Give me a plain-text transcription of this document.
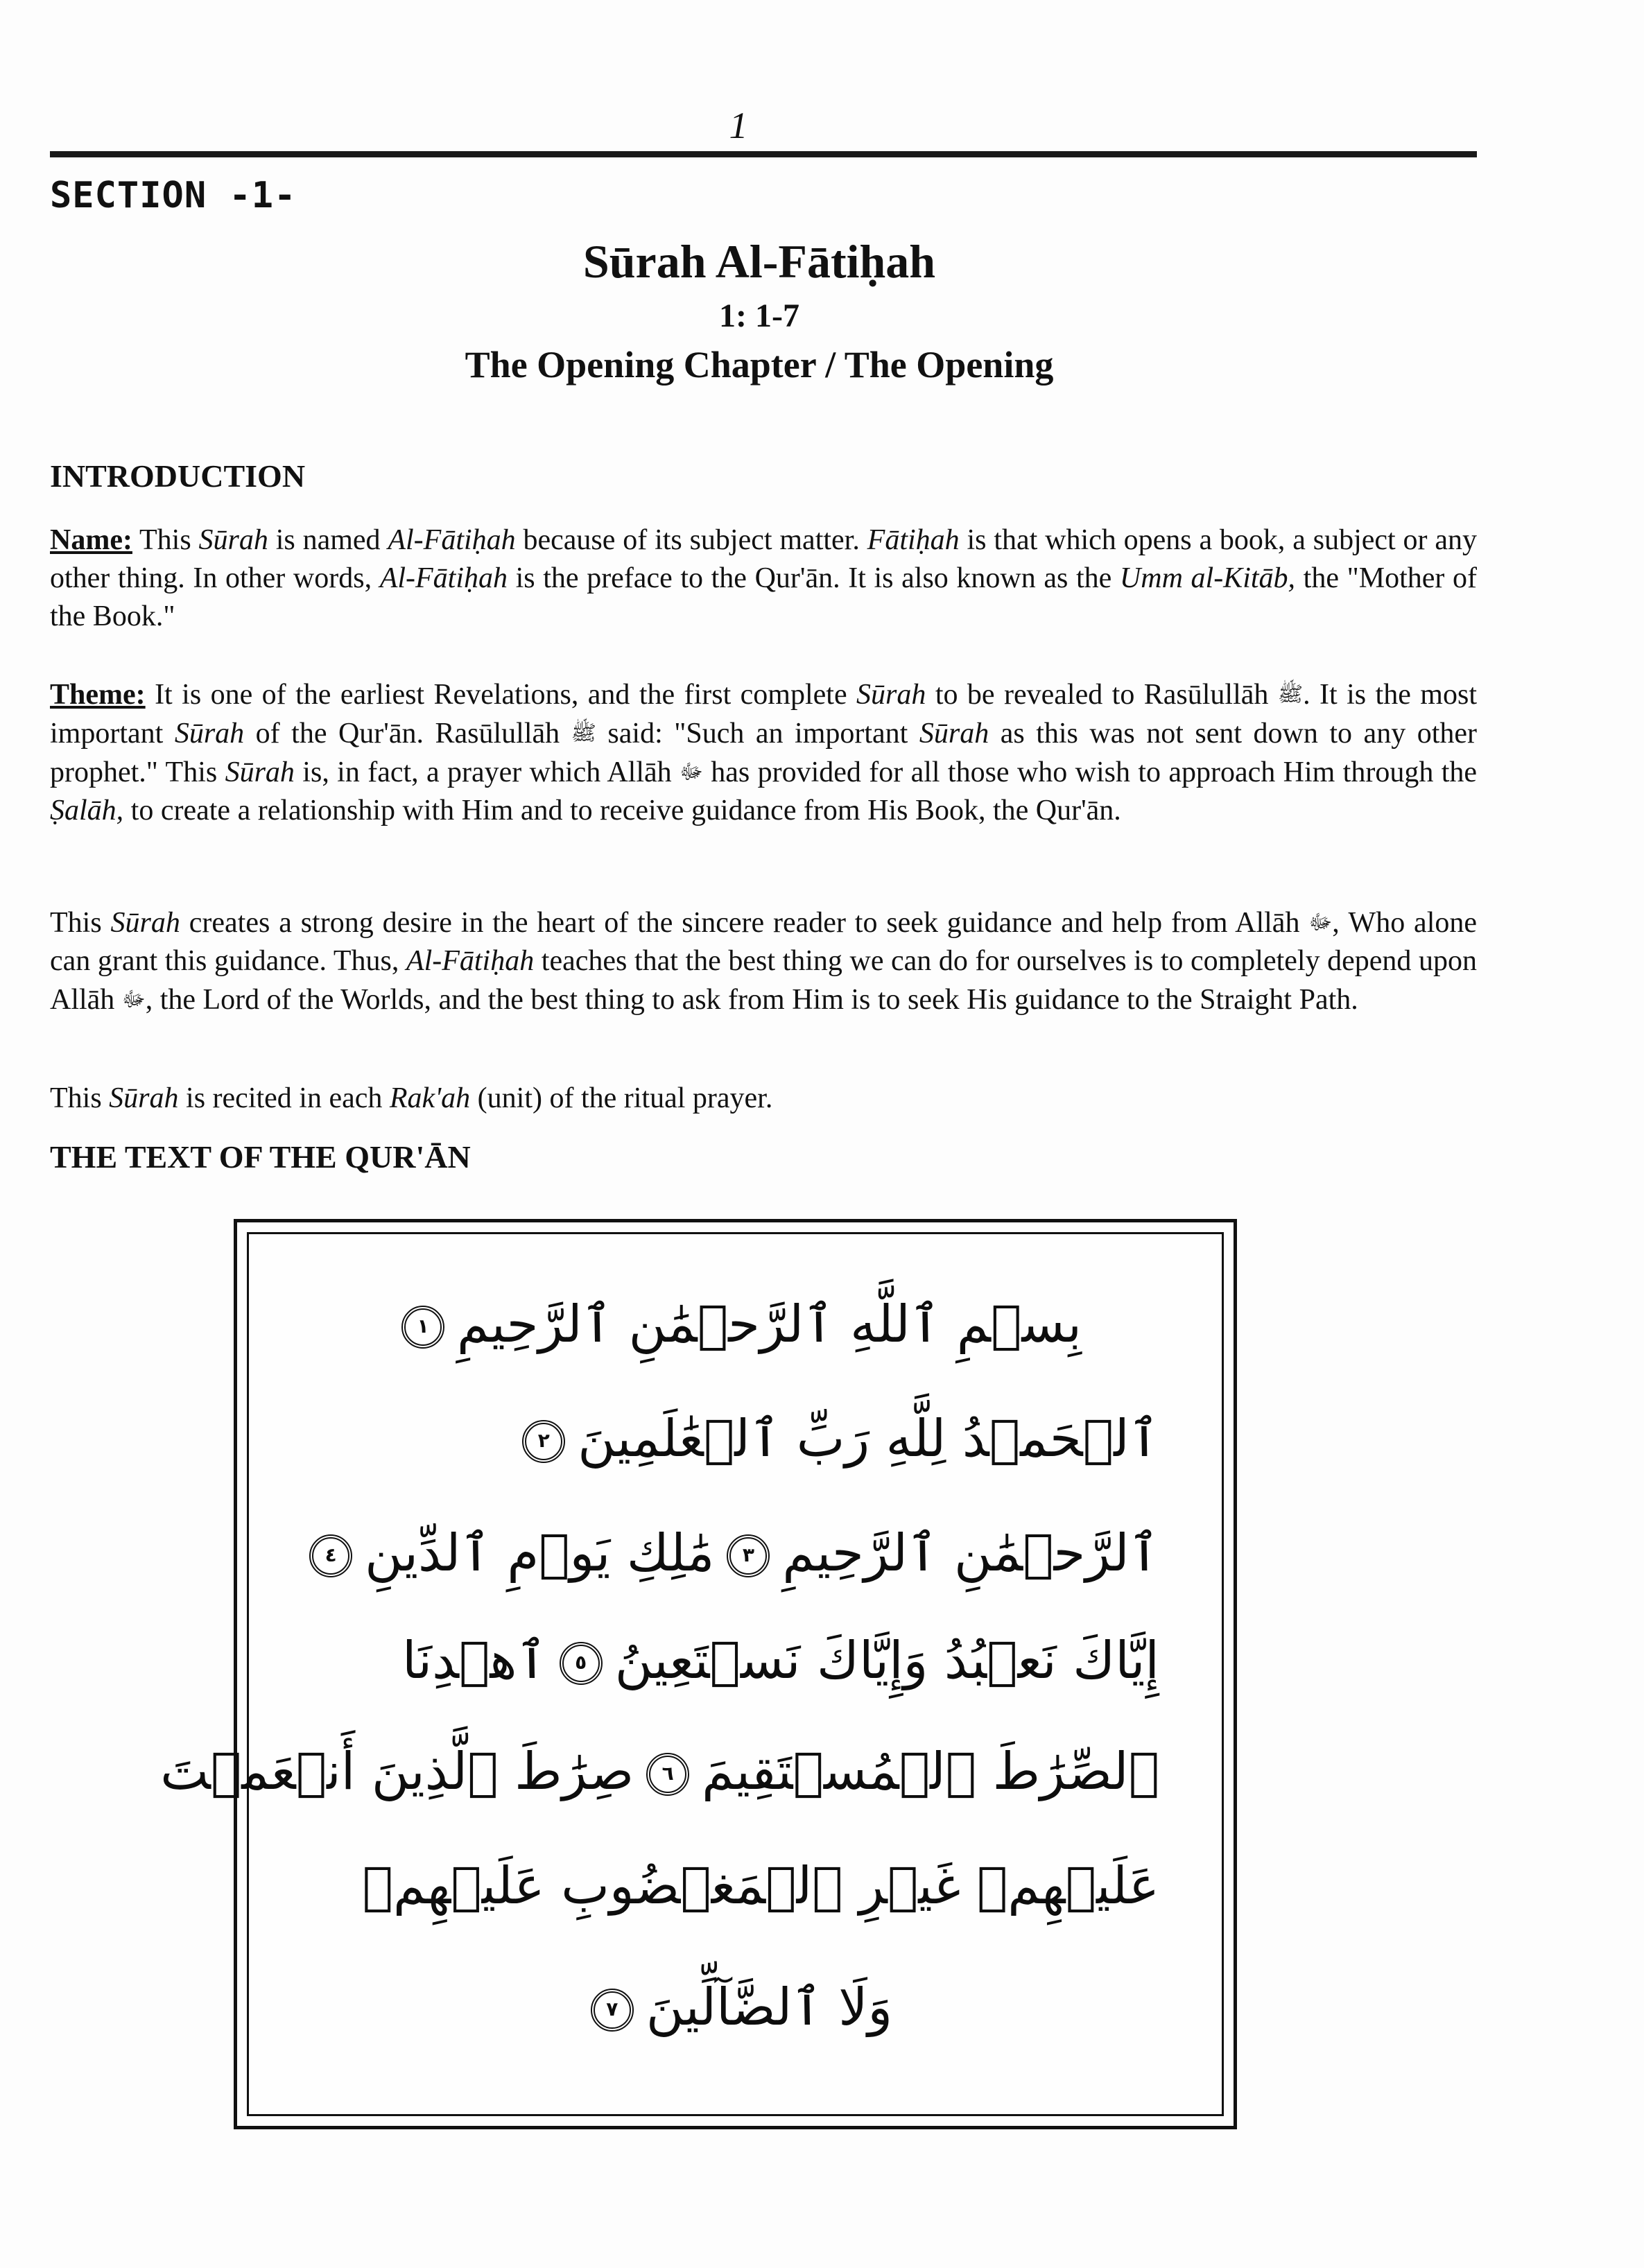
1
SECTION -1-
Sūrah Al-Fātiḥah
1: 1-7
The Opening Chapter / The Opening
INTRODUCTION
Name: This Sūrah is named Al-Fātiḥah because of its subject matter. Fātiḥah is that which opens a book, a subject or any other thing. In other words, Al-Fātiḥah is the preface to the Qur'ān. It is also known as the Umm al-Kitāb, the "Mother of the Book."
Theme: It is one of the earliest Revelations, and the first complete Sūrah to be revealed to Rasūlullāh ﷺ. It is the most important Sūrah of the Qur'ān. Rasūlullāh ﷺ said: "Such an important Sūrah as this was not sent down to any other prophet." This Sūrah is, in fact, a prayer which Allāh ﷻ has provided for all those who wish to approach Him through the Ṣalāh, to create a relationship with Him and to receive guidance from His Book, the Qur'ān.
This Sūrah creates a strong desire in the heart of the sincere reader to seek guidance and help from Allāh ﷻ, Who alone can grant this guidance. Thus, Al-Fātiḥah teaches that the best thing we can do for ourselves is to completely depend upon Allāh ﷻ, the Lord of the Worlds, and the best thing to ask from Him is to seek His guidance to the Straight Path.
This Sūrah is recited in each Rak'ah (unit) of the ritual prayer.
THE TEXT OF THE QUR'ĀN
بِسۡمِ ٱللَّهِ ٱلرَّحۡمَٰنِ ٱلرَّحِيمِ١
ٱلۡحَمۡدُ لِلَّهِ رَبِّ ٱلۡعَٰلَمِينَ٢
ٱلرَّحۡمَٰنِ ٱلرَّحِيمِ٣مَٰلِكِ يَوۡمِ ٱلدِّينِ٤
إِيَّاكَ نَعۡبُدُ وَإِيَّاكَ نَسۡتَعِينُ٥ٱهۡدِنَا
ٱلصِّرَٰطَ ٱلۡمُسۡتَقِيمَ٦صِرَٰطَ ٱلَّذِينَ أَنۡعَمۡتَ
عَلَيۡهِمۡ غَيۡرِ ٱلۡمَغۡضُوبِ عَلَيۡهِمۡ
وَلَا ٱلضَّآلِّينَ٧
